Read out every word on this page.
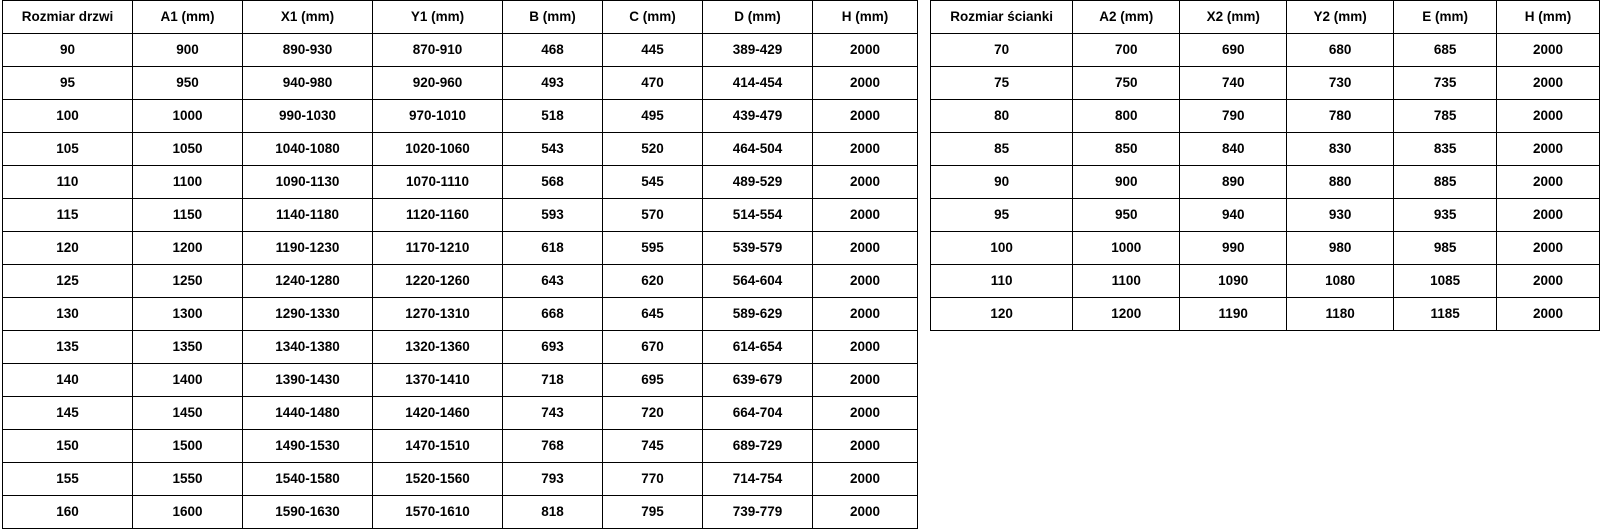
Rozmiar drzwi	A1 (mm)	X1 (mm)	Y1 (mm)	B (mm)	C (mm)	D (mm)	H (mm)
90	900	890-930	870-910	468	445	389-429	2000
95	950	940-980	920-960	493	470	414-454	2000
100	1000	990-1030	970-1010	518	495	439-479	2000
105	1050	1040-1080	1020-1060	543	520	464-504	2000
110	1100	1090-1130	1070-1110	568	545	489-529	2000
115	1150	1140-1180	1120-1160	593	570	514-554	2000
120	1200	1190-1230	1170-1210	618	595	539-579	2000
125	1250	1240-1280	1220-1260	643	620	564-604	2000
130	1300	1290-1330	1270-1310	668	645	589-629	2000
135	1350	1340-1380	1320-1360	693	670	614-654	2000
140	1400	1390-1430	1370-1410	718	695	639-679	2000
145	1450	1440-1480	1420-1460	743	720	664-704	2000
150	1500	1490-1530	1470-1510	768	745	689-729	2000
155	1550	1540-1580	1520-1560	793	770	714-754	2000
160	1600	1590-1630	1570-1610	818	795	739-779	2000
Rozmiar ścianki	A2 (mm)	X2 (mm)	Y2 (mm)	E (mm)	H (mm)
70	700	690	680	685	2000
75	750	740	730	735	2000
80	800	790	780	785	2000
85	850	840	830	835	2000
90	900	890	880	885	2000
95	950	940	930	935	2000
100	1000	990	980	985	2000
110	1100	1090	1080	1085	2000
120	1200	1190	1180	1185	2000
